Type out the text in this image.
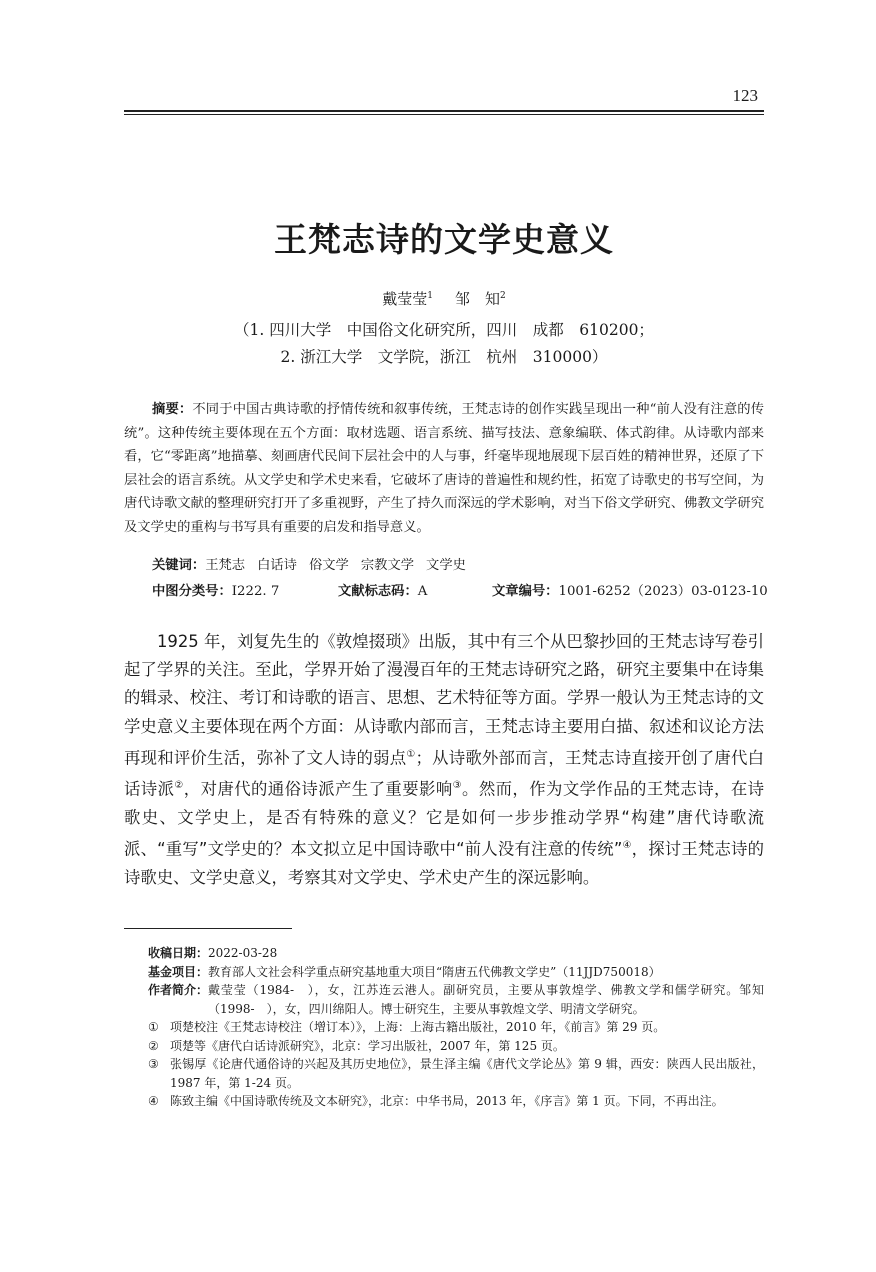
123
王梵志诗的文学史意义
戴莹莹$^1$ 邹　知$^2$
（1. 四川大学　中国俗文化研究所，四川　成都　610200；
2. 浙江大学　文学院，浙江　杭州　310000）
摘要：不同于中国古典诗歌的抒情传统和叙事传统，王梵志诗的创作实践呈现出一种“前人没有注意的传统”。这种传统主要体现在五个方面：取材选题、语言系统、描写技法、意象编联、体式韵律。从诗歌内部来看，它“零距离”地描摹、刻画唐代民间下层社会中的人与事，纤毫毕现地展现下层百姓的精神世界，还原了下层社会的语言系统。从文学史和学术史来看，它破坏了唐诗的普遍性和规约性，拓宽了诗歌史的书写空间，为唐代诗歌文献的整理研究打开了多重视野，产生了持久而深远的学术影响，对当下俗文学研究、佛教文学研究及文学史的重构与书写具有重要的启发和指导意义。
关键词：王梵志 白话诗 俗文学 宗教文学 文学史
中图分类号：I222. 7	文献标志码：A	文章编号：1001-6252（2023）03-0123-10
1925 年，刘复先生的《敦煌掇琐》出版，其中有三个从巴黎抄回的王梵志诗写卷引起了学界的关注。至此，学界开始了漫漫百年的王梵志诗研究之路，研究主要集中在诗集的辑录、校注、考订和诗歌的语言、思想、艺术特征等方面。学界一般认为王梵志诗的文学史意义主要体现在两个方面：从诗歌内部而言，王梵志诗主要用白描、叙述和议论方法再现和评价生活，弥补了文人诗的弱点①；从诗歌外部而言，王梵志诗直接开创了唐代白话诗派②，对唐代的通俗诗派产生了重要影响③。然而，作为文学作品的王梵志诗，在诗歌史、文学史上，是否有特殊的意义？它是如何一步步推动学界“构建”唐代诗歌流派、“重写”文学史的？本文拟立足中国诗歌中“前人没有注意的传统”④，探讨王梵志诗的诗歌史、文学史意义，考察其对文学史、学术史产生的深远影响。
收稿日期： 2022-03-28
基金项目： 教育部人文社会科学重点研究基地重大项目“隋唐五代佛教文学史”（11JJD750018）
作者简介： 戴莹莹（1984-　），女，江苏连云港人。副研究员，主要从事敦煌学、佛教文学和儒学研究。邹知（1998-　），女，四川绵阳人。博士研究生，主要从事敦煌文学、明清文学研究。
① 项楚校注《王梵志诗校注（增订本）》，上海：上海古籍出版社，2010 年，《前言》第 29 页。
② 项楚等《唐代白话诗派研究》，北京：学习出版社，2007 年，第 125 页。
③ 张锡厚《论唐代通俗诗的兴起及其历史地位》，景生泽主编《唐代文学论丛》第 9 辑，西安：陕西人民出版社，1987 年，第 1-24 页。
④ 陈致主编《中国诗歌传统及文本研究》，北京：中华书局，2013 年，《序言》第 1 页。下同，不再出注。
